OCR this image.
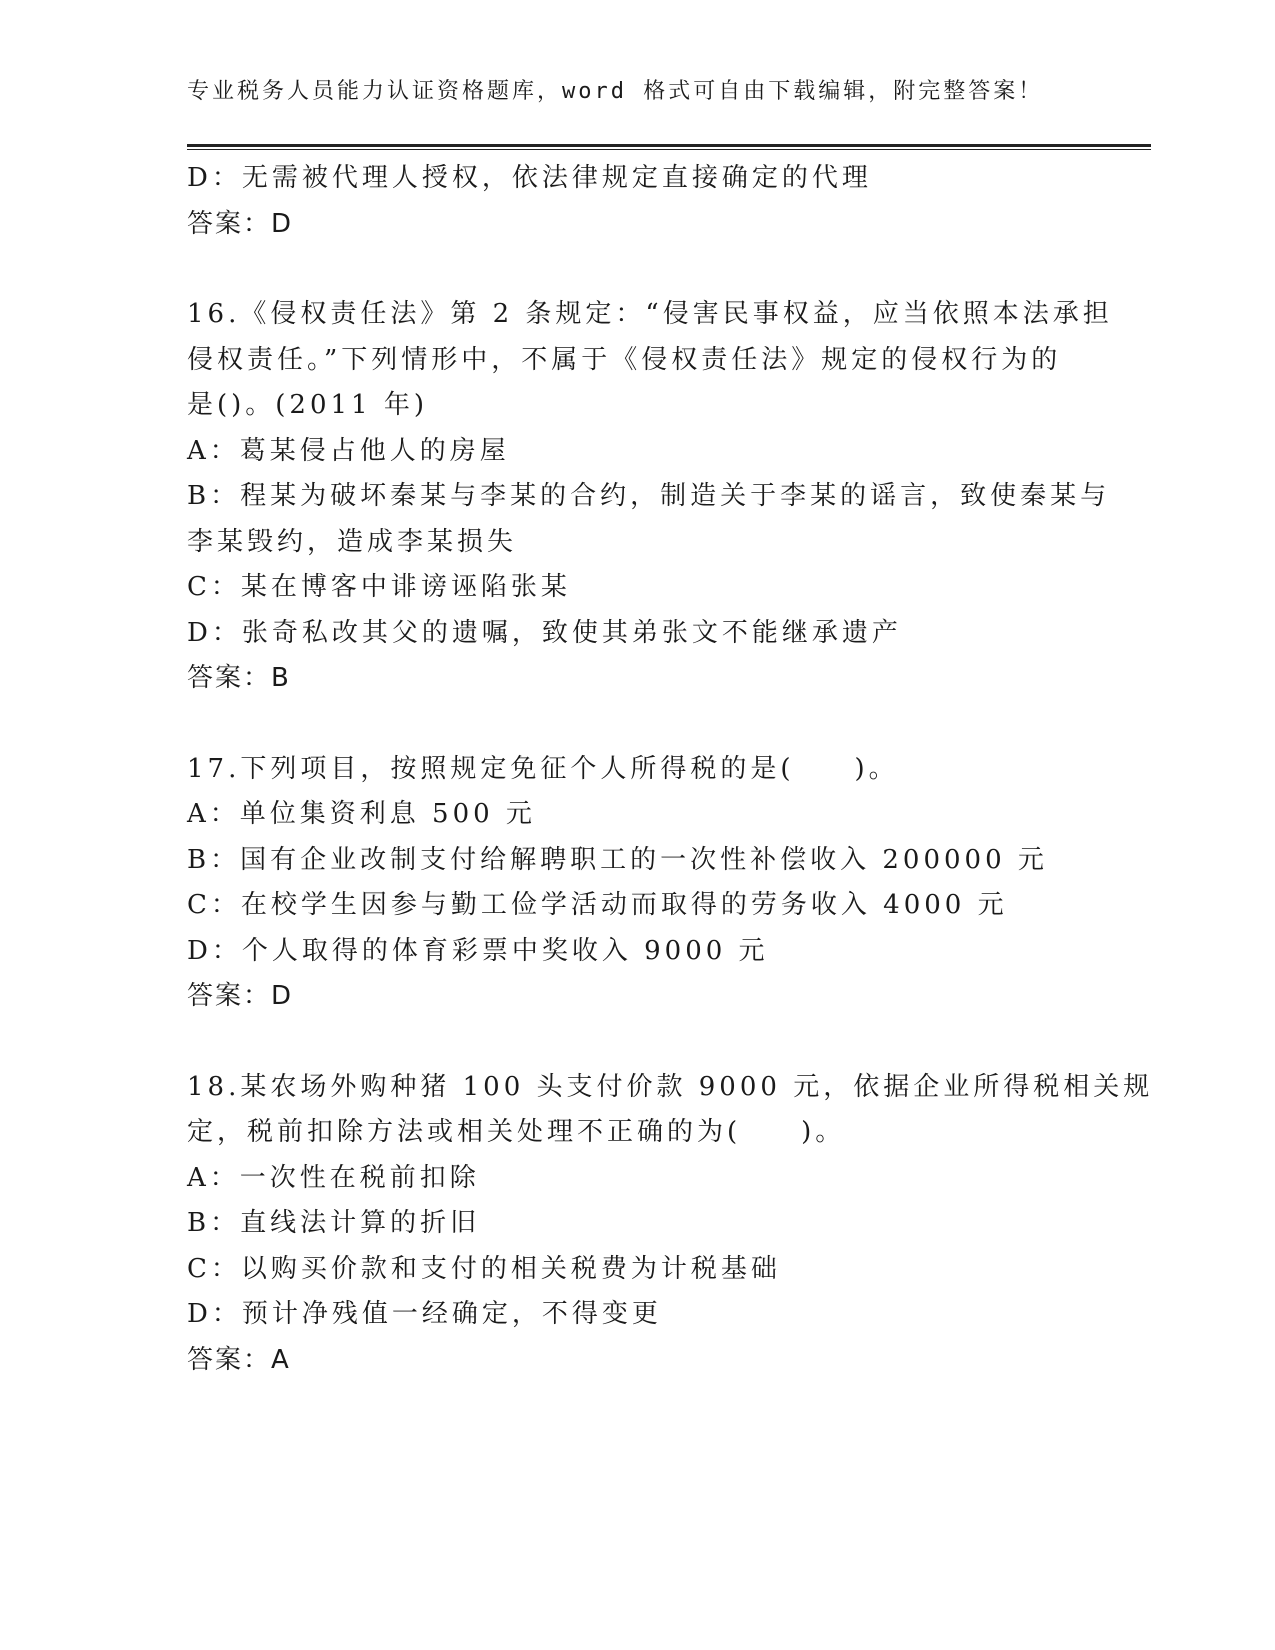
专业税务人员能力认证资格题库，word 格式可自由下载编辑，附完整答案！
D：无需被代理人授权，依法律规定直接确定的代理
答案：D
16.《侵权责任法》第 2 条规定：“侵害民事权益，应当依照本法承担
侵权责任。”下列情形中，不属于《侵权责任法》规定的侵权行为的
是()。(2011 年)
A：葛某侵占他人的房屋
B：程某为破坏秦某与李某的合约，制造关于李某的谣言，致使秦某与
李某毁约，造成李某损失
C：某在博客中诽谤诬陷张某
D：张奇私改其父的遗嘱，致使其弟张文不能继承遗产
答案：B
17.下列项目，按照规定免征个人所得税的是(　　)。
A：单位集资利息 500 元
B：国有企业改制支付给解聘职工的一次性补偿收入 200000 元
C：在校学生因参与勤工俭学活动而取得的劳务收入 4000 元
D：个人取得的体育彩票中奖收入 9000 元
答案：D
18.某农场外购种猪 100 头支付价款 9000 元，依据企业所得税相关规
定，税前扣除方法或相关处理不正确的为(　　)。
A：一次性在税前扣除
B：直线法计算的折旧
C：以购买价款和支付的相关税费为计税基础
D：预计净残值一经确定，不得变更
答案：A
